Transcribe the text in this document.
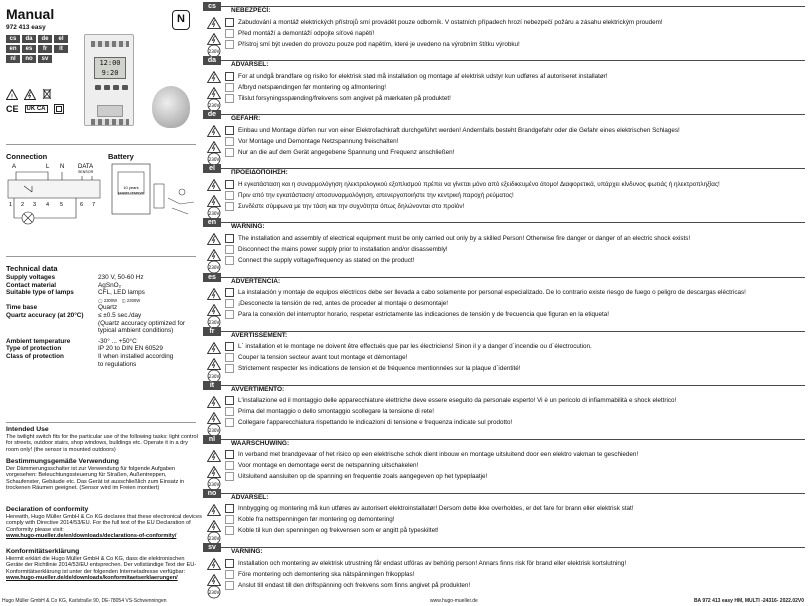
Manual
972 413 easy
N
cs	da	de	el
en	es	fr	it
nl	no	sv	12:00
9:20
!
CE	UK CA
Connection	Battery
A	L N DATA
SENSOR
1 2 3 4 5	6 7
10 years
power reserve
Technical data
Supply voltages	230 V, 50-60 Hz
Contact material	AgSnO₂
Suitable type of lamps	CFL, LED lamps
◯ 2300W    ◫ 2300W
Time base	Quartz
Quartz accuracy (at 20°C)	≤ ±0.5 sec./day
(Quartz accuracy optimized for
typical ambient conditions)
Ambient temperature	-30° ... +50°C
Type of protection	IP 20 to DIN EN 60529
Class of protection	II when installed according
to regulations
Intended Use
The twilight switch fits for the particular use of the following tasks: light control for streets, outdoor stairs, shop windows, buildings etc. Operate it in a dry room only! (the sensor is mounted outdoors)
Bestimmungsgemäße Verwendung
Der Dämmerungsschalter ist zur Verwendung für folgende Aufgaben vorgesehen: Beleuchtungssteuerung für Straßen, Außentreppen, Schaufenster, Gebäude etc. Das Gerät ist ausschließlich zum Einsatz in trockenen Räumen geeignet. (Sensor wird im Freien montiert)
Declaration of conformity
Herewith, Hugo Müller GmbH & Co KG declares that these electronical devices comply with Directive 2014/53/EU. For the full text of the EU Declaration of Conformity please visit:
www.hugo-mueller.de/en/downloads/declarations-of-conformity/
Konformitätserklärung
Hiermit erklärt die Hugo Müller GmbH & Co KG, dass die elektronischen Geräte der Richtlinie 2014/53/EU entsprechen. Der vollständige Text der EU-Konformitätserklärung ist unter der folgenden Internetadresse verfügbar:
www.hugo-mueller.de/de/downloads/konformitaetserklaerungen/
cs
NEBEZPEČÍ:
230V
Zabudování a montáž elektrických přístrojů smí provádět pouze odborník. V ostatních případech hrozí nebezpečí požáru a zásahu elektrickým proudem!
Před montáží a demontáží odpojte síťové napětí!
Přístroj smí být uveden do provozu pouze pod napětím, které je uvedeno na výrobním štítku výrobku!
da
ADVARSEL:
230V
For at undgå brandfare og risiko for elektrisk stød må installation og montage af elektrisk udstyr kun udføres af autoriseret installatør!
Afbryd netspændingen før montering og afmontering!
Tilslut forsyningsspænding/frekvens som angivet på mærkaten på produktet!
de
GEFAHR:
230V
Einbau und Montage dürfen nur von einer Elektrofachkraft durchgeführt werden! Andernfalls besteht Brandgefahr oder die Gefahr eines elektrischen Schlages!
Vor Montage und Demontage Netzspannung freischalten!
Nur an die auf dem Gerät angegebene Spannung und Frequenz anschließen!
el
ΠΡΟΕΙΔΟΠΟΙΗΣΗ:
230V
Η εγκατάσταση και η συναρμολόγηση ηλεκτρολογικού εξοπλισμού πρέπει να γίνεται μόνο από εξειδικευμένο άτομο! Διαφορετικά, υπάρχει κίνδυνος φωτιάς ή ηλεκτροπληξίας!
Πριν από την εγκατάσταση/ αποσυναρμολόγηση, απενεργοποιήστε την κεντρική παροχή ρεύματος!
Συνδέστε σύμφωνα με την τάση και την συχνότητα όπως δηλώνονται στο προϊόν!
en
WARNING:
230V
The installation and assembly of electrical equipment must be only carried out only by a skilled Person! Otherwise fire danger or danger of an electric shock exists!
Disconnect the mains power supply prior to installation and/or disassembly!
Connect the supply voltage/frequency as stated on the product!
es
ADVERTENCIA:
230V
La instalación y montaje de equipos eléctricos debe ser llevada a cabo solamente por personal especializado. De lo contrario existe riesgo de fuego o peligro de descargas eléctricas!
¡Desconecte la tensión de red, antes de proceder al montaje o desmontaje!
Para la conexión del interruptor horario, respetar estrictamente las indicaciones de tensión y de frecuencia que figuran en la etiqueta!
fr
AVERTISSEMENT:
230V
L´ installation et le montage ne doivent être effectués que par les électriciens! Sinon il y a danger d´incendie ou d´électrocution.
Couper la tension secteur avant tout montage et démontage!
Strictement respecter les indications de tension et de fréquence mentionnées sur la plaque d´identité!
it
AVVERTIMENTO:
230V
L'installazione ed il montaggio delle apparecchiature elettriche deve essere eseguito da personale esperto! Vi è un pericolo di infiammabilità e shock elettrico!
Prima del montaggio o dello smontaggio scollegare la tensione di rete!
Collegare l'apparecchiatura rispettando le indicazioni di tensione e frequenza indicate sul prodotto!
nl
WAARSCHUWING:
230V
In verband met brandgevaar of het risico op een elektrische schok dient inbouw en montage uitsluitend door een elektro vakman te geschieden!
Voor montage en demontage eerst de netspanning uitschakelen!
Uitsluitend aansluiten op de spanning en frequentie zoals aangegeven op het typeplaatje!
no
ADVARSEL:
230V
Innbygging og montering må kun utføres av autorisert elektroinstallatør! Dersom dette ikke overholdes, er det fare for brann eller elektrisk stat!
Koble fra nettspenningen før montering og demontering!
Koble til kun den spenningen og frekvensen som er angitt på typeskiltet!
sv
VARNING:
230V
Installation och montering av elektrisk utrustning får endast utföras av behörig person! Annars finns risk för brand eller elektrisk kortslutning!
Före montering och demontering ska nätspänningen frikopplas!
Anslut till endast till den driftspänning och frekvens som finns angivet på produkten!
Hugo Müller GmbH & Co KG, Karlstraße 90, DE-78054 VS-Schwenningen	www.hugo-mueller.de	BA 972 413 easy HM, MULTI -24316- 2022.02V0
